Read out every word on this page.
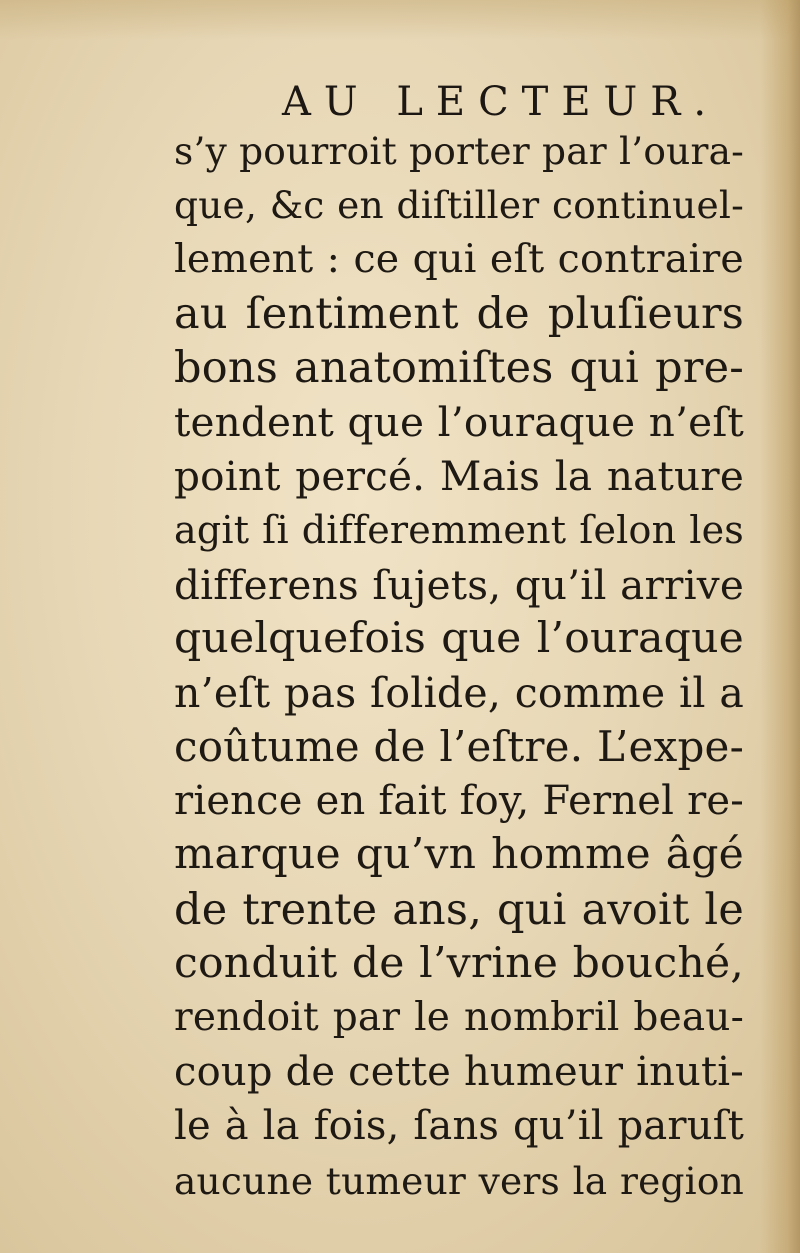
AU LECTEUR.
s’y pourroit porter par l’oura-
que, &c en diſtiller continuel-
lement : ce qui eſt contraire
au ſentiment de pluſieurs
bons anatomiſtes qui pre-
tendent que l’ouraque n’eſt
point percé. Mais la nature
agit ſi differemment ſelon les
differens ſujets, qu’il arrive
quelquefois que l’ouraque
n’eſt pas ſolide, comme il a
coûtume de l’eſtre. L’expe-
rience en fait foy, Fernel re-
marque qu’vn homme âgé
de trente ans, qui avoit le
conduit de l’vrine bouché,
rendoit par le nombril beau-
coup de cette humeur inuti-
le à la fois, ſans qu’il paruſt
aucune tumeur vers la region
